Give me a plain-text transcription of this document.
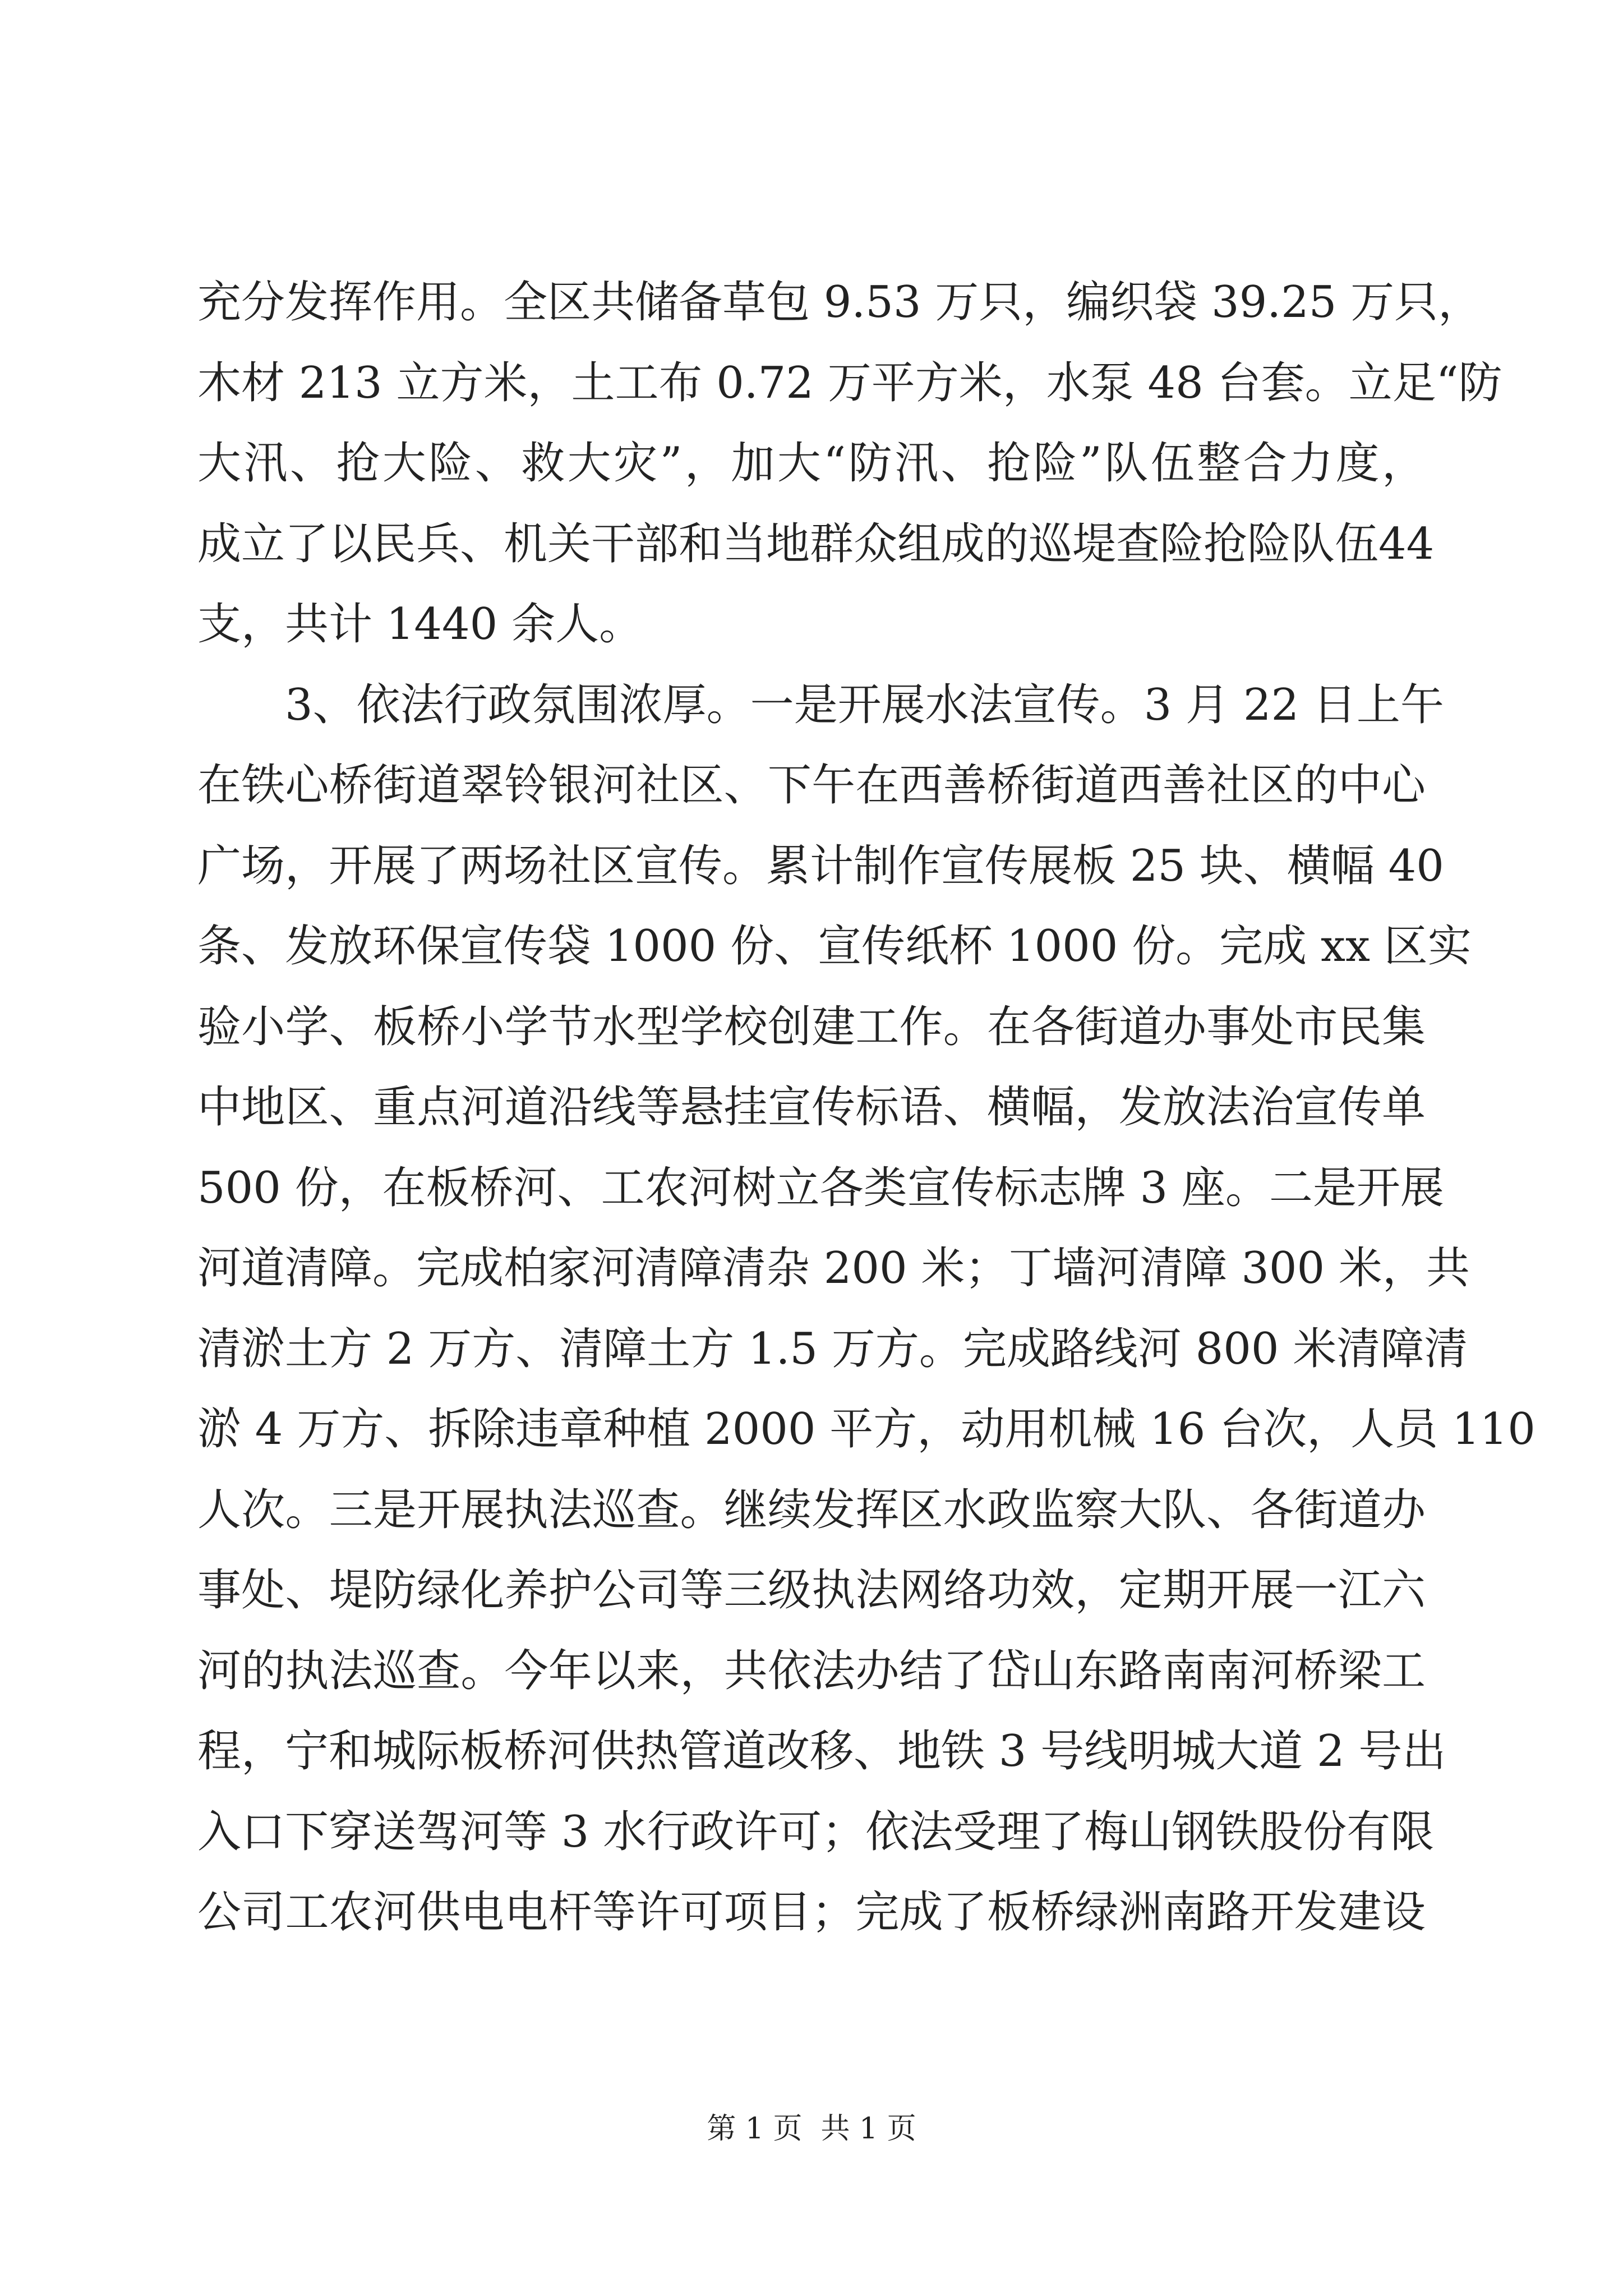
充分发挥作用。全区共储备草包 9.53 万只，编织袋 39.25 万只，
木材 213 立方米，土工布 0.72 万平方米，水泵 48 台套。立足“防
大汛、抢大险、救大灾”，加大“防汛、抢险”队伍整合力度，
成立了以民兵、机关干部和当地群众组成的巡堤查险抢险队伍44
支，共计 1440 余人。
3、依法行政氛围浓厚。一是开展水法宣传。3 月 22 日上午
在铁心桥街道翠铃银河社区、下午在西善桥街道西善社区的中心
广场，开展了两场社区宣传。累计制作宣传展板 25 块、横幅 40
条、发放环保宣传袋 1000 份、宣传纸杯 1000 份。完成 xx 区实
验小学、板桥小学节水型学校创建工作。在各街道办事处市民集
中地区、重点河道沿线等悬挂宣传标语、横幅，发放法治宣传单
500 份，在板桥河、工农河树立各类宣传标志牌 3 座。二是开展
河道清障。完成柏家河清障清杂 200 米；丁墙河清障 300 米，共
清淤土方 2 万方、清障土方 1.5 万方。完成路线河 800 米清障清
淤 4 万方、拆除违章种植 2000 平方，动用机械 16 台次，人员 110
人次。三是开展执法巡查。继续发挥区水政监察大队、各街道办
事处、堤防绿化养护公司等三级执法网络功效，定期开展一江六
河的执法巡查。今年以来，共依法办结了岱山东路南南河桥梁工
程，宁和城际板桥河供热管道改移、地铁 3 号线明城大道 2 号出
入口下穿送驾河等 3 水行政许可；依法受理了梅山钢铁股份有限
公司工农河供电电杆等许可项目；完成了板桥绿洲南路开发建设
第 1 页  共 1 页
